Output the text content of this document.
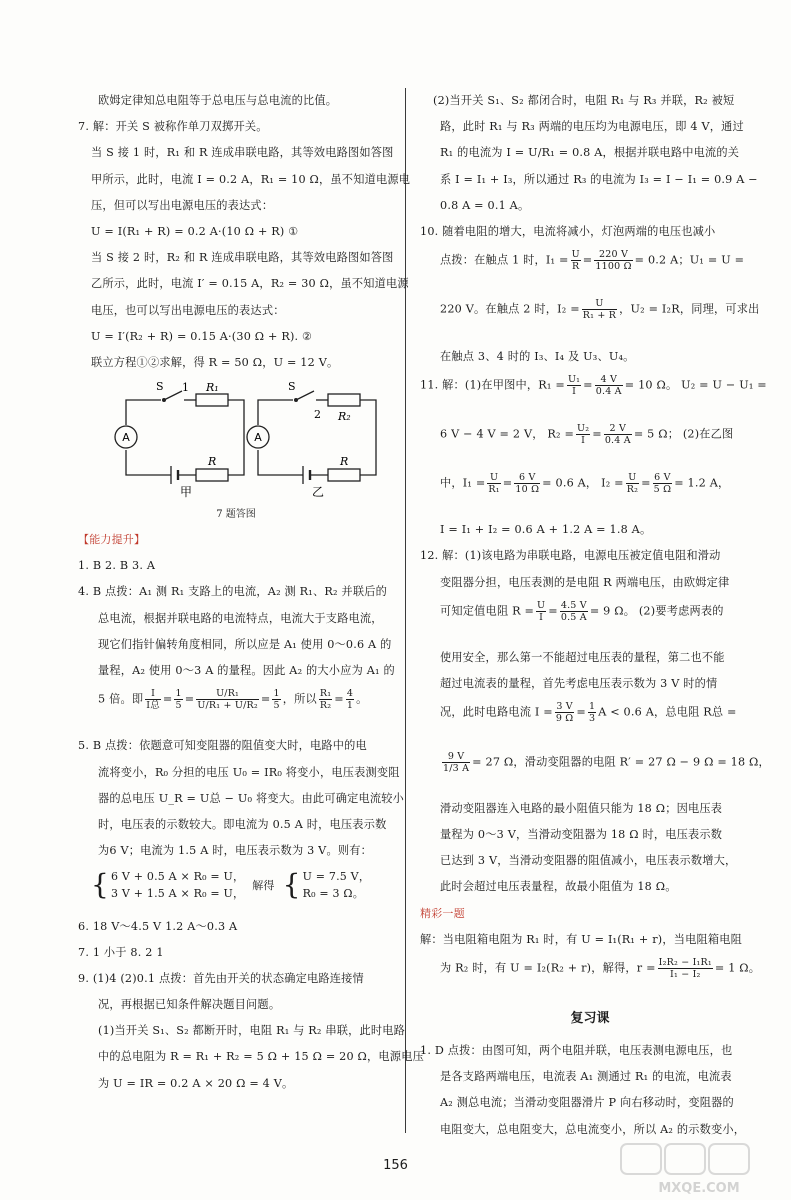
欧姆定律知总电阻等于总电压与总电流的比值。
7. 解：开关 S 被称作单刀双掷开关。
当 S 接 1 时，R₁ 和 R 连成串联电路，其等效电路图如答图
甲所示，此时，电流 I = 0.2 A，R₁ = 10 Ω，虽不知道电源电
压，但可以写出电源电压的表达式：
U = I(R₁ + R) = 0.2 A·(10 Ω + R) ①
当 S 接 2 时，R₂ 和 R 连成串联电路，其等效电路图如答图
乙所示，此时，电流 I′ = 0.15 A，R₂ = 30 Ω，虽不知道电源
电压，也可以写出电源电压的表达式：
U = I′(R₂ + R) = 0.15 A·(30 Ω + R). ②
联立方程①②求解，得 R = 50 Ω，U = 12 V。
A
S 1 R₁
R
甲
A
S
2 R₂
R
乙
7 题答图
【能力提升】
1. B 2. B 3. A
4. B 点拨：A₁ 测 R₁ 支路上的电流，A₂ 测 R₁、R₂ 并联后的
总电流，根据并联电路的电流特点，电流大于支路电流，
现它们指针偏转角度相同，所以应是 A₁ 使用 0～0.6 A 的
量程，A₂ 使用 0～3 A 的量程。因此 A₂ 的大小应为 A₁ 的
5 倍。即 $\frac{I}{\text{I总}} = \frac{1}{5} = \frac{\text{U/R₁}}{\text{U/R₁ + U/R₂}} = \frac{1}{5}$ ，所以 $\frac{\text{R₁}}{\text{R₂}} = \frac{4}{1}$ 。
5. B 点拨：依题意可知变阻器的阻值变大时，电路中的电
流将变小，R₀ 分担的电压 U₀ = IR₀ 将变小，电压表测变阻
器的总电压 U_R = U总 − U₀ 将变大。由此可确定电流较小
时，电压表的示数较大。即电流为 0.5 A 时，电压表示数
为6 V；电流为 1.5 A 时，电压表示数为 3 V。则有：
{ 6 V + 0.5 A × R₀ = U，
3 V + 1.5 A × R₀ = U，
解得 { U = 7.5 V，
R₀ = 3 Ω。
6. 18 V～4.5 V 1.2 A～0.3 A
7. 1 小于 8. 2 1
9. (1)4 (2)0.1 点拨：首先由开关的状态确定电路连接情
况，再根据已知条件解决题目问题。
(1)当开关 S₁、S₂ 都断开时，电阻 R₁ 与 R₂ 串联，此时电路
中的总电阻为 R = R₁ + R₂ = 5 Ω + 15 Ω = 20 Ω，电源电压
为 U = IR = 0.2 A × 20 Ω = 4 V。
(2)当开关 S₁、S₂ 都闭合时，电阻 R₁ 与 R₃ 并联，R₂ 被短
路，此时 R₁ 与 R₃ 两端的电压均为电源电压，即 4 V，通过
R₁ 的电流为 I = U/R₁ = 0.8 A，根据并联电路中电流的关
系 I = I₁ + I₃，所以通过 R₃ 的电流为 I₃ = I − I₁ = 0.9 A −
0.8 A = 0.1 A。
10. 随着电阻的增大，电流将减小，灯泡两端的电压也减小
点拨：在触点 1 时，$I_1 = \frac{U}{R} = \frac{220 V}{1100 \Omega} = 0.2$ A；U₁ = U =
220 V。在触点 2 时，$I_2 = \frac{U}{\text{R₁ + R}}$ ，U₂ = I₂R，同理，可求出
在触点 3、4 时的 I₃、I₄ 及 U₃、U₄。
11. 解：(1)在甲图中，$R_1 = \frac{\text{U₁}}{I} = \frac{4 V}{0.4 A} = 10$ Ω。 U₂ = U − U₁ =
6 V − 4 V = 2 V， $R_2 = \frac{\text{U₂}}{I} = \frac{2 V}{0.4 A} = 5$ Ω； (2)在乙图
中，$I_1 = \frac{U}{\text{R₁}} = \frac{6 V}{10 \Omega} = 0.6$ A， $I_2 = \frac{U}{\text{R₂}} = \frac{6 V}{5 \Omega} = 1.2$ A，
I = I₁ + I₂ = 0.6 A + 1.2 A = 1.8 A。
12. 解：(1)该电路为串联电路，电源电压被定值电阻和滑动
变阻器分担，电压表测的是电阻 R 两端电压，由欧姆定律
可知定值电阻 $R = \frac{U}{I} = \frac{4.5 V}{0.5 A} = 9$ Ω。 (2)要考虑两表的
使用安全，那么第一不能超过电压表的量程，第二也不能
超过电流表的量程，首先考虑电压表示数为 3 V 时的情
况，此时电路电流 $I = \frac{3 V}{9 \Omega} = \frac{1}{3}$ A < 0.6 A，总电阻 R总 =
$\frac{9 V}{1/3 A} = 27$ Ω，滑动变阻器的电阻 R′ = 27 Ω − 9 Ω = 18 Ω，
滑动变阻器连入电路的最小阻值只能为 18 Ω；因电压表
量程为 0～3 V，当滑动变阻器为 18 Ω 时，电压表示数
已达到 3 V，当滑动变阻器的阻值减小，电压表示数增大，
此时会超过电压表量程，故最小阻值为 18 Ω。
精彩一题
解：当电阻箱电阻为 R₁ 时，有 U = I₁(R₁ + r)，当电阻箱电阻
为 R₂ 时，有 U = I₂(R₂ + r)，解得，$r = \frac{\text{I₂R₂ − I₁R₁}}{\text{I₁ − I₂}} = 1$ Ω。
复习课
1. D 点拨：由图可知，两个电阻并联，电压表测电源电压，也
是各支路两端电压，电流表 A₁ 测通过 R₁ 的电流，电流表
A₂ 测总电流；当滑动变阻器滑片 P 向右移动时，变阻器的
电阻变大，总电阻变大，总电流变小，所以 A₂ 的示数变小，
156
MXQE.COM
